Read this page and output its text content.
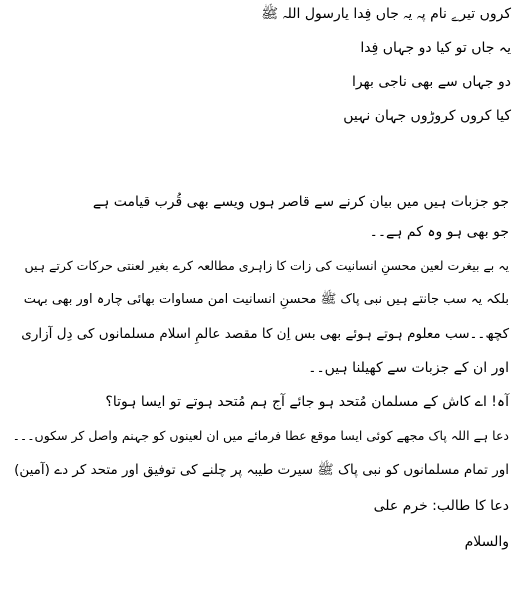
کروں تیرے نام پہ یہ جاں فِدا یارسول اللہ ﷺ
یہ جاں تو کیا دو جہاں فِدا
دو جہاں سے بھی ناجی بھرا
کیا کروں کروڑوں جہان نہیں
جو جزبات ہیں میں بیان کرنے سے قاصر ہوں ویسے بھی قُرب قیامت ہے
جو بھی ہو وہ کم ہے۔۔
یہ بے بیغرت لعین محسنِ انسانیت کی زات کا زاہری مطالعہ کرے بغیر لعنتی حرکات کرتے ہیں
بلکہ یہ سب جانتے ہیں نبی پاک ﷺ محسنِ انسانیت امن مساوات بھائی چارہ اور بھی بہت
کچھ۔۔سب معلوم ہوتے ہوئے بھی بس اِن کا مقصد عالمِ اسلام مسلمانوں کی دِل آزاری
اور ان کے جزبات سے کھیلنا ہیں۔۔
آہ! اے کاش کے مسلمان مُتحد ہو جائے آج ہم مُتحد ہوتے تو ایسا ہوتا؟
دعا ہے اللہ پاک مجھے کوئی ایسا موقع عطا فرمائے میں ان لعینوں کو جہنم واصل کر سکوں۔۔۔
اور تمام مسلمانوں کو نبی پاک ﷺ سیرت طیبہ پر چلنے کی توفیق اور متحد کر دے (آمین)
دعا کا طالب: خرم علی
والسلام
